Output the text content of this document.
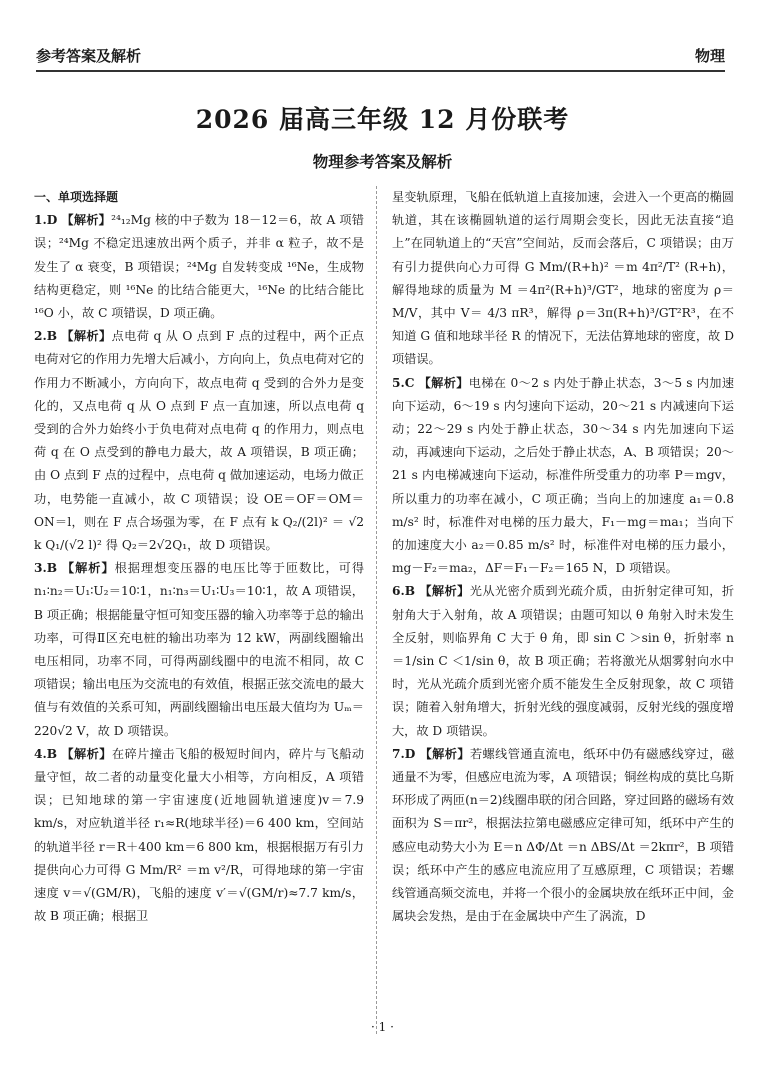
参考答案及解析	物理
2026 届高三年级 12 月份联考
物理参考答案及解析
一、单项选择题

1.D 【解析】²⁴₁₂Mg 核的中子数为 18－12＝6，故 A 项错误；²⁴Mg 不稳定迅速放出两个质子，并非 α 粒子，故不是发生了 α 衰变，B 项错误；²⁴Mg 自发转变成 ¹⁶Ne，生成物结构更稳定，则 ¹⁶Ne 的比结合能更大，¹⁶Ne 的比结合能比 ¹⁶O 小，故 C 项错误，D 项正确。

2.B 【解析】点电荷 q 从 O 点到 F 点的过程中，两个正点电荷对它的作用力先增大后减小，方向向上，负点电荷对它的作用力不断减小，方向向下，故点电荷 q 受到的合外力是变化的，又点电荷 q 从 O 点到 F 点一直加速，所以点电荷 q 受到的合外力始终小于负电荷对点电荷 q 的作用力，则点电荷 q 在 O 点受到的静电力最大，故 A 项错误，B 项正确；由 O 点到 F 点的过程中，点电荷 q 做加速运动，电场力做正功，电势能一直减小，故 C 项错误；设 OE＝OF＝OM＝ON＝l，则在 F 点合场强为零，在 F 点有 k Q₂/(2l)² ＝ √2 k Q₁/(√2 l)² 得 Q₂＝2√2Q₁，故 D 项错误。

3.B 【解析】根据理想变压器的电压比等于匝数比，可得 n₁∶n₂＝U₁∶U₂＝10∶1，n₁∶n₃＝U₁∶U₃＝10∶1，故 A 项错误，B 项正确；根据能量守恒可知变压器的输入功率等于总的输出功率，可得Ⅱ区充电桩的输出功率为 12 kW，两副线圈输出电压相同，功率不同，可得两副线圈中的电流不相同，故 C 项错误；输出电压为交流电的有效值，根据正弦交流电的最大值与有效值的关系可知，两副线圈输出电压最大值均为 Uₘ＝220√2 V，故 D 项错误。

4.B 【解析】在碎片撞击飞船的极短时间内，碎片与飞船动量守恒，故二者的动量变化量大小相等，方向相反，A 项错误；已知地球的第一宇宙速度(近地圆轨道速度)v＝7.9 km/s，对应轨道半径 r₁≈R(地球半径)＝6 400 km，空间站的轨道半径 r＝R＋400 km＝6 800 km，根据根据万有引力提供向心力可得 G Mm/R² ＝m v²/R，可得地球的第一宇宙速度 v＝√(GM/R)，飞船的速度 v′＝√(GM/r)≈7.7 km/s，故 B 项正确；根据卫

星变轨原理，飞船在低轨道上直接加速，会进入一个更高的椭圆轨道，其在该椭圆轨道的运行周期会变长，因此无法直接“追上”在同轨道上的“天宫”空间站，反而会落后，C 项错误；由万有引力提供向心力可得 G Mm/(R+h)² ＝m 4π²/T² (R+h)，解得地球的质量为 M ＝4π²(R+h)³/GT²，地球的密度为 ρ＝M/V，其中 V＝ 4/3 πR³，解得 ρ＝3π(R+h)³/GT²R³，在不知道 G 值和地球半径 R 的情况下，无法估算地球的密度，故 D 项错误。

5.C 【解析】电梯在 0～2 s 内处于静止状态，3～5 s 内加速向下运动，6～19 s 内匀速向下运动，20～21 s 内减速向下运动；22～29 s 内处于静止状态，30～34 s 内先加速向下运动，再减速向下运动，之后处于静止状态，A、B 项错误；20～21 s 内电梯减速向下运动，标准件所受重力的功率 P＝mgv，所以重力的功率在减小，C 项正确；当向上的加速度 a₁＝0.8 m/s² 时，标准件对电梯的压力最大，F₁－mg＝ma₁；当向下的加速度大小 a₂＝0.85 m/s² 时，标准件对电梯的压力最小，mg－F₂＝ma₂，ΔF＝F₁－F₂＝165 N，D 项错误。

6.B 【解析】光从光密介质到光疏介质，由折射定律可知，折射角大于入射角，故 A 项错误；由题可知以 θ 角射入时未发生全反射，则临界角 C 大于 θ 角，即 sin C ＞sin θ，折射率 n＝1/sin C ＜1/sin θ，故 B 项正确；若将激光从烟雾射向水中时，光从光疏介质到光密介质不能发生全反射现象，故 C 项错误；随着入射角增大，折射光线的强度减弱，反射光线的强度增大，故 D 项错误。

7.D 【解析】若螺线管通直流电，纸环中仍有磁感线穿过，磁通量不为零，但感应电流为零，A 项错误；铜丝构成的莫比乌斯环形成了两匝(n＝2)线圈串联的闭合回路，穿过回路的磁场有效面积为 S＝πr²，根据法拉第电磁感应定律可知，纸环中产生的感应电动势大小为 E＝n ΔΦ/Δt ＝n ΔBS/Δt ＝2kπr²，B 项错误；纸环中产生的感应电流应用了互感原理，C 项错误；若螺线管通高频交流电，并将一个很小的金属块放在纸环正中间，金属块会发热，是由于在金属块中产生了涡流，D

· 1 ·
